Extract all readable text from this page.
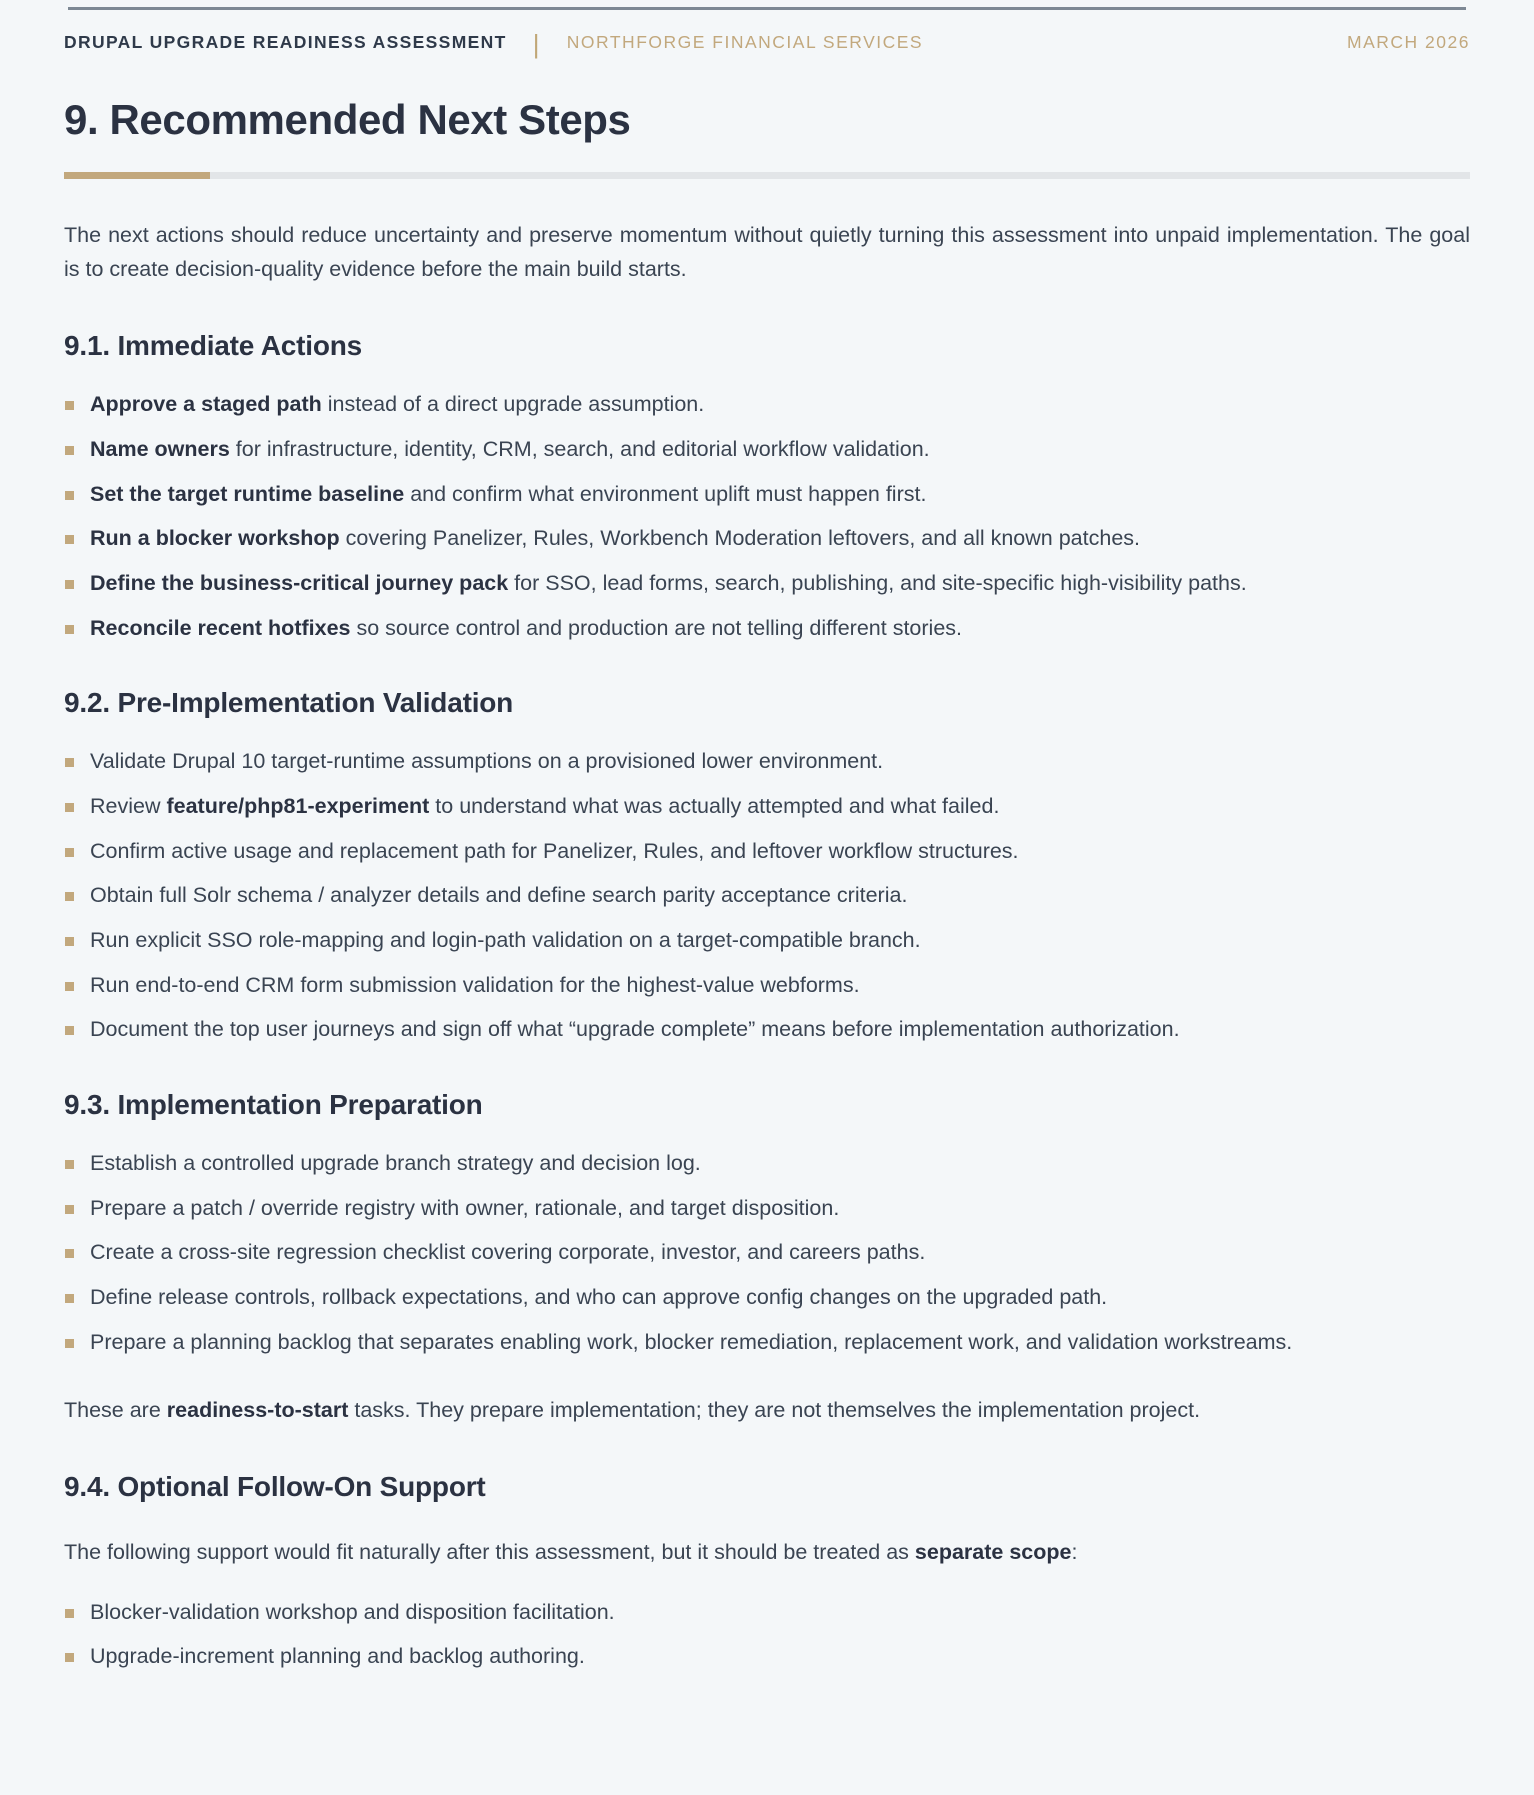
DRUPAL UPGRADE READINESS ASSESSMENT | NORTHFORGE FINANCIAL SERVICES	MARCH 2026
9. Recommended Next Steps

The next actions should reduce uncertainty and preserve momentum without quietly turning this assessment into unpaid implementation. The goal is to create decision-quality evidence before the main build starts.

9.1. Immediate Actions
Approve a staged path instead of a direct upgrade assumption.
Name owners for infrastructure, identity, CRM, search, and editorial workflow validation.
Set the target runtime baseline and confirm what environment uplift must happen first.
Run a blocker workshop covering Panelizer, Rules, Workbench Moderation leftovers, and all known patches.
Define the business-critical journey pack for SSO, lead forms, search, publishing, and site-specific high-visibility paths.
Reconcile recent hotfixes so source control and production are not telling different stories.
9.2. Pre-Implementation Validation
Validate Drupal 10 target-runtime assumptions on a provisioned lower environment.
Review feature/php81-experiment to understand what was actually attempted and what failed.
Confirm active usage and replacement path for Panelizer, Rules, and leftover workflow structures.
Obtain full Solr schema / analyzer details and define search parity acceptance criteria.
Run explicit SSO role-mapping and login-path validation on a target-compatible branch.
Run end-to-end CRM form submission validation for the highest-value webforms.
Document the top user journeys and sign off what “upgrade complete” means before implementation authorization.
9.3. Implementation Preparation
Establish a controlled upgrade branch strategy and decision log.
Prepare a patch / override registry with owner, rationale, and target disposition.
Create a cross-site regression checklist covering corporate, investor, and careers paths.
Define release controls, rollback expectations, and who can approve config changes on the upgraded path.
Prepare a planning backlog that separates enabling work, blocker remediation, replacement work, and validation workstreams.

These are readiness-to-start tasks. They prepare implementation; they are not themselves the implementation project.

9.4. Optional Follow-On Support

The following support would fit naturally after this assessment, but it should be treated as separate scope:

Blocker-validation workshop and disposition facilitation.
Upgrade-increment planning and backlog authoring.
